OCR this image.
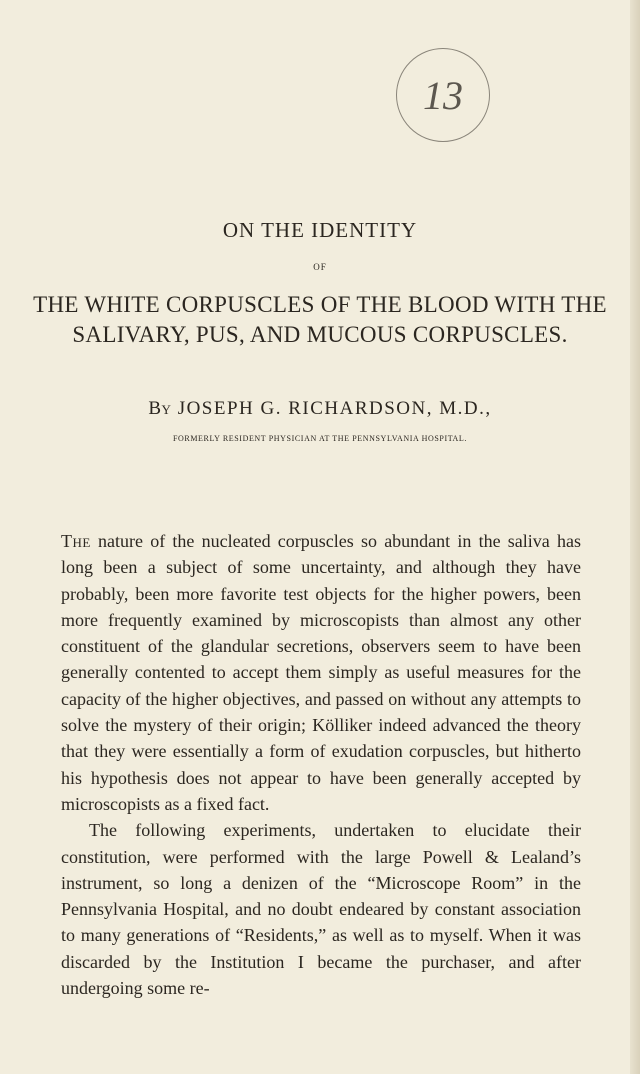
13
ON THE IDENTITY
OF
THE WHITE CORPUSCLES OF THE BLOOD WITH THE SALIVARY, PUS, AND MUCOUS CORPUSCLES.
By JOSEPH G. RICHARDSON, M.D.,
FORMERLY RESIDENT PHYSICIAN AT THE PENNSYLVANIA HOSPITAL.

The nature of the nucleated corpuscles so abundant in the saliva has long been a subject of some uncertainty, and although they have probably, been more favorite test objects for the higher powers, been more frequently examined by microscopists than almost any other constituent of the glandular secretions, observers seem to have been generally contented to accept them simply as useful measures for the capacity of the higher objectives, and passed on without any attempts to solve the mystery of their origin; Kölliker indeed advanced the theory that they were essentially a form of exudation corpuscles, but hitherto his hypothesis does not appear to have been generally accepted by microscopists as a fixed fact.

The following experiments, undertaken to elucidate their constitution, were performed with the large Powell & Lealand’s instrument, so long a denizen of the “Microscope Room” in the Pennsylvania Hospital, and no doubt endeared by constant association to many generations of “Residents,” as well as to myself. When it was discarded by the Institution I became the purchaser, and after undergoing some re-
